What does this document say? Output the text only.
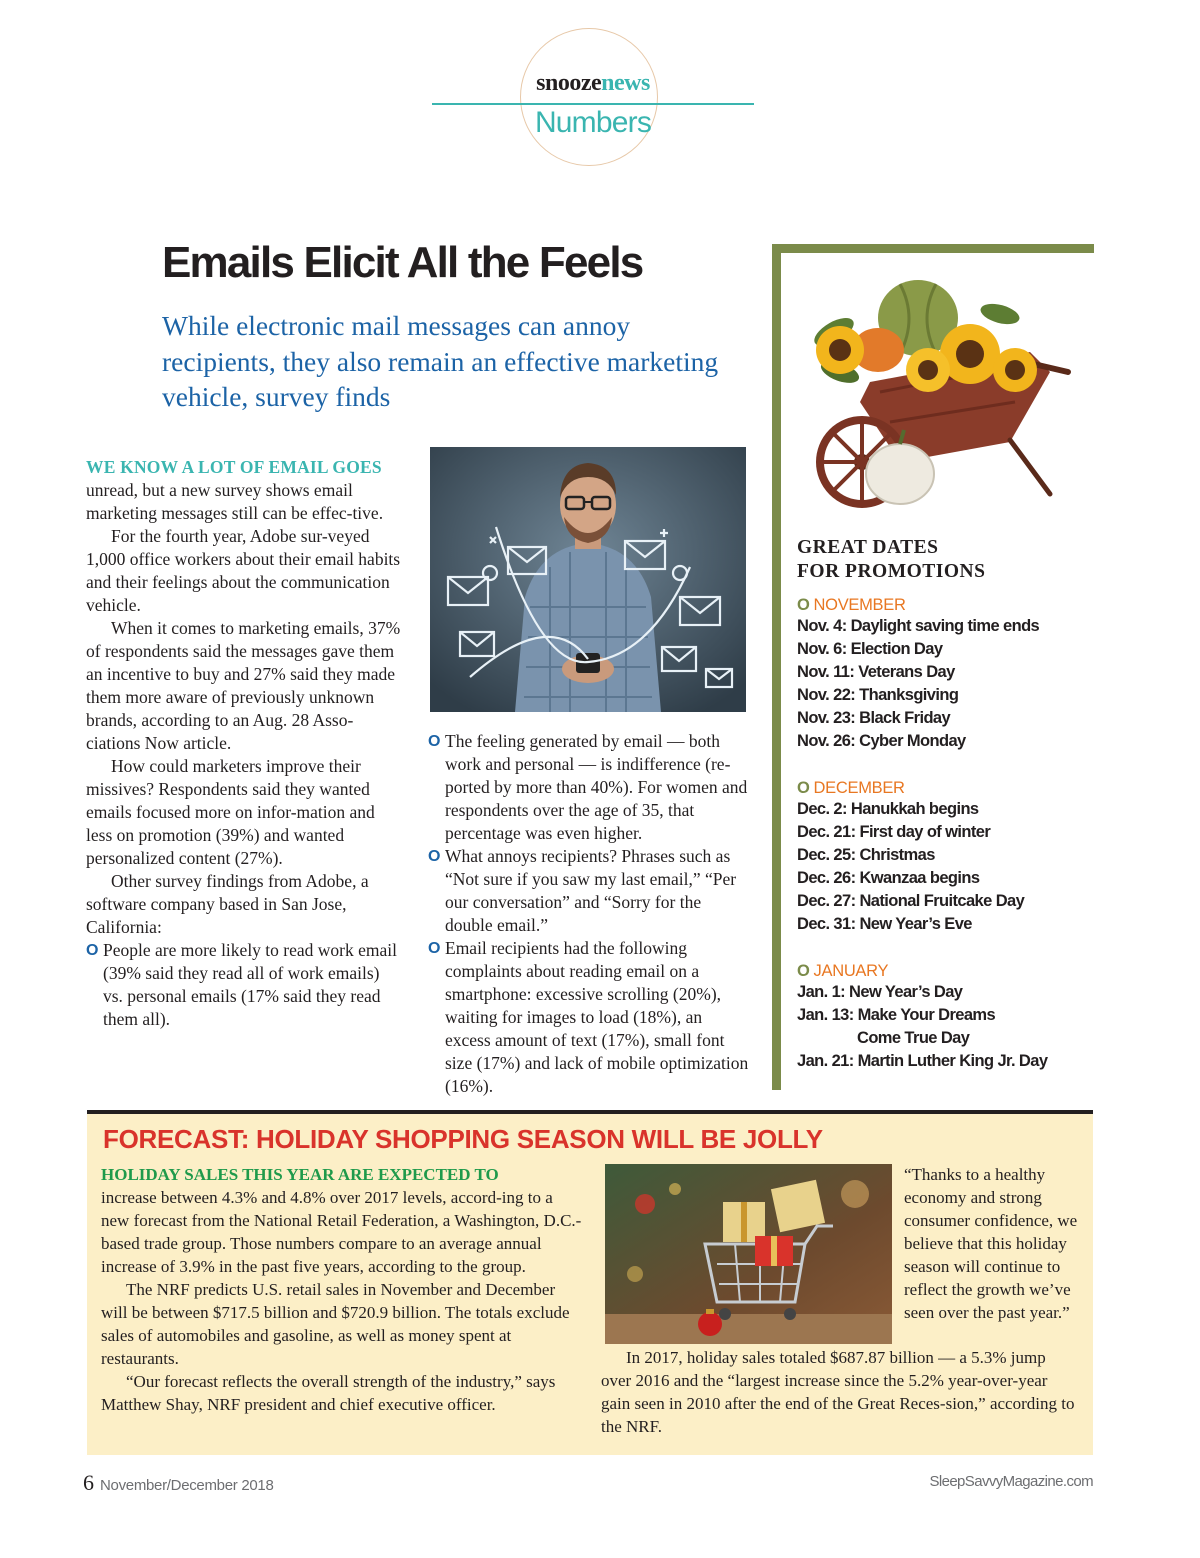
snoozenews
Numbers
Emails Elicit All the Feels
While electronic mail messages can annoy recipients, they also remain an effective marketing vehicle, survey finds

WE KNOW A LOT OF EMAIL GOES
unread, but a new survey shows email marketing messages still can be effec-tive.

For the fourth year, Adobe sur-veyed 1,000 office workers about their email habits and their feelings about the communication vehicle.

When it comes to marketing emails, 37% of respondents said the messages gave them an incentive to buy and 27% said they made them more aware of previously unknown brands, according to an Aug. 28 Asso-ciations Now article.

How could marketers improve their missives? Respondents said they wanted emails focused more on infor-mation and less on promotion (39%) and wanted personalized content (27%).

Other survey findings from Adobe, a software company based in San Jose, California:

O People are more likely to read work email (39% said they read all of work emails) vs. personal emails (17% said they read them all).

O The feeling generated by email — both work and personal — is indifference (re-ported by more than 40%). For women and respondents over the age of 35, that percentage was even higher.

O What annoys recipients? Phrases such as “Not sure if you saw my last email,” “Per our conversation” and “Sorry for the double email.”

O Email recipients had the following complaints about reading email on a smartphone: excessive scrolling (20%), waiting for images to load (18%), an excess amount of text (17%), small font size (17%) and lack of mobile optimization (16%).

GREAT DATES
FOR PROMOTIONS
O NOVEMBER
Nov. 4: Daylight saving time ends
Nov. 6: Election Day
Nov. 11: Veterans Day
Nov. 22: Thanksgiving
Nov. 23: Black Friday
Nov. 26: Cyber Monday
O DECEMBER
Dec. 2: Hanukkah begins
Dec. 21: First day of winter
Dec. 25: Christmas
Dec. 26: Kwanzaa begins
Dec. 27: National Fruitcake Day
Dec. 31: New Year’s Eve
O JANUARY
Jan. 1: New Year’s Day
Jan. 13: Make Your Dreams
Come True Day
Jan. 21: Martin Luther King Jr. Day
FORECAST: HOLIDAY SHOPPING SEASON WILL BE JOLLY

HOLIDAY SALES THIS YEAR ARE EXPECTED TO
increase between 4.3% and 4.8% over 2017 levels, accord-ing to a new forecast from the National Retail Federation, a Washington, D.C.-based trade group. Those numbers compare to an average annual increase of 3.9% in the past five years, according to the group.

The NRF predicts U.S. retail sales in November and December will be between $717.5 billion and $720.9 billion. The totals exclude sales of automobiles and gasoline, as well as money spent at restaurants.

“Our forecast reflects the overall strength of the industry,” says Matthew Shay, NRF president and chief executive officer.

“Thanks to a healthy economy and strong consumer confidence, we believe that this holiday season will continue to reflect the growth we’ve seen over the past year.”

In 2017, holiday sales totaled $687.87 billion — a 5.3% jump over 2016 and the “largest increase since the 5.2% year-over-year gain seen in 2010 after the end of the Great Reces-sion,” according to the NRF.

6 November/December 2018	SleepSavvyMagazine.com
